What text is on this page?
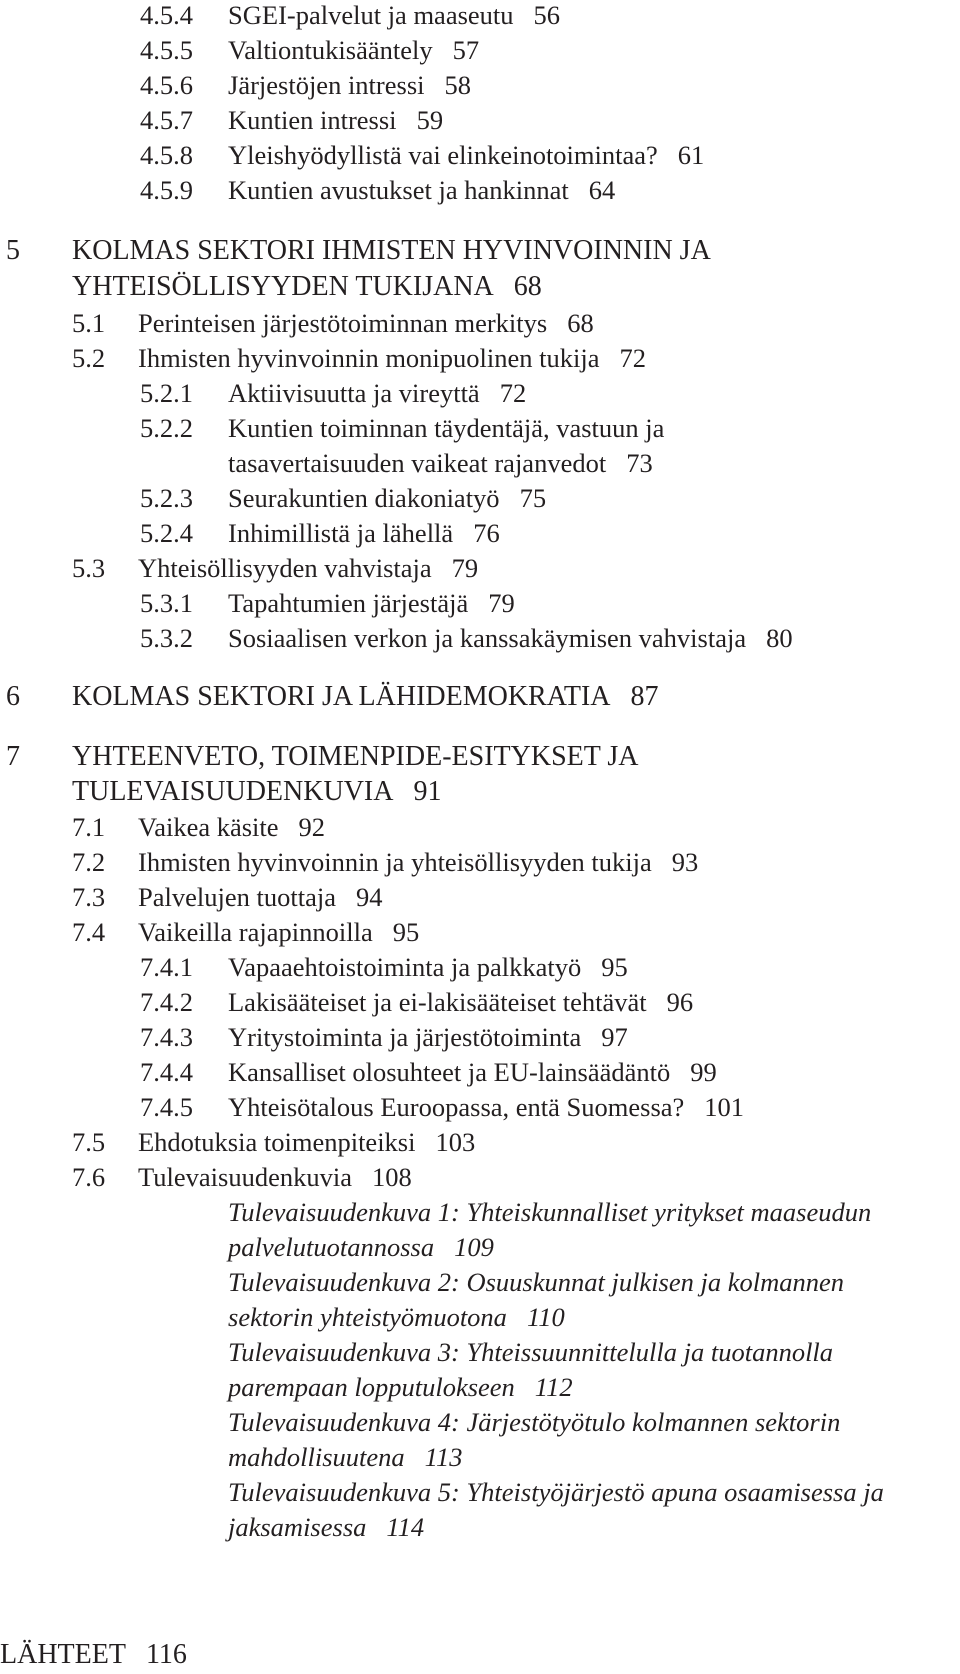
4.5.4 SGEI-palvelut ja maaseutu 56
4.5.5 Valtiontukisääntely 57
4.5.6 Järjestöjen intressi 58
4.5.7 Kuntien intressi 59
4.5.8 Yleishyödyllistä vai elinkeinotoimintaa? 61
4.5.9 Kuntien avustukset ja hankinnat 64
5 KOLMAS SEKTORI IHMISTEN HYVINVOINNIN JA
YHTEISÖLLISYYDEN TUKIJANA 68
5.1 Perinteisen järjestötoiminnan merkitys 68
5.2 Ihmisten hyvinvoinnin monipuolinen tukija 72
5.2.1 Aktiivisuutta ja vireyttä 72
5.2.2 Kuntien toiminnan täydentäjä, vastuun ja
tasavertaisuuden vaikeat rajanvedot 73
5.2.3 Seurakuntien diakoniatyö 75
5.2.4 Inhimillistä ja lähellä 76
5.3 Yhteisöllisyyden vahvistaja 79
5.3.1 Tapahtumien järjestäjä 79
5.3.2 Sosiaalisen verkon ja kanssakäymisen vahvistaja 80
6 KOLMAS SEKTORI JA LÄHIDEMOKRATIA 87
7 YHTEENVETO, TOIMENPIDE-ESITYKSET JA
TULEVAISUUDENKUVIA 91
7.1 Vaikea käsite 92
7.2 Ihmisten hyvinvoinnin ja yhteisöllisyyden tukija 93
7.3 Palvelujen tuottaja 94
7.4 Vaikeilla rajapinnoilla 95
7.4.1 Vapaaehtoistoiminta ja palkkatyö 95
7.4.2 Lakisääteiset ja ei-lakisääteiset tehtävät 96
7.4.3 Yritystoiminta ja järjestötoiminta 97
7.4.4 Kansalliset olosuhteet ja EU-lainsäädäntö 99
7.4.5 Yhteisötalous Euroopassa, entä Suomessa? 101
7.5 Ehdotuksia toimenpiteiksi 103
7.6 Tulevaisuudenkuvia 108
Tulevaisuudenkuva 1: Yhteiskunnalliset yritykset maaseudun
palvelutuotannossa 109
Tulevaisuudenkuva 2: Osuuskunnat julkisen ja kolmannen
sektorin yhteistyömuotona 110
Tulevaisuudenkuva 3: Yhteissuunnittelulla ja tuotannolla
parempaan lopputulokseen 112
Tulevaisuudenkuva 4: Järjestötyötulo kolmannen sektorin
mahdollisuutena 113
Tulevaisuudenkuva 5: Yhteistyöjärjestö apuna osaamisessa ja
jaksamisessa 114
LÄHTEET 116
